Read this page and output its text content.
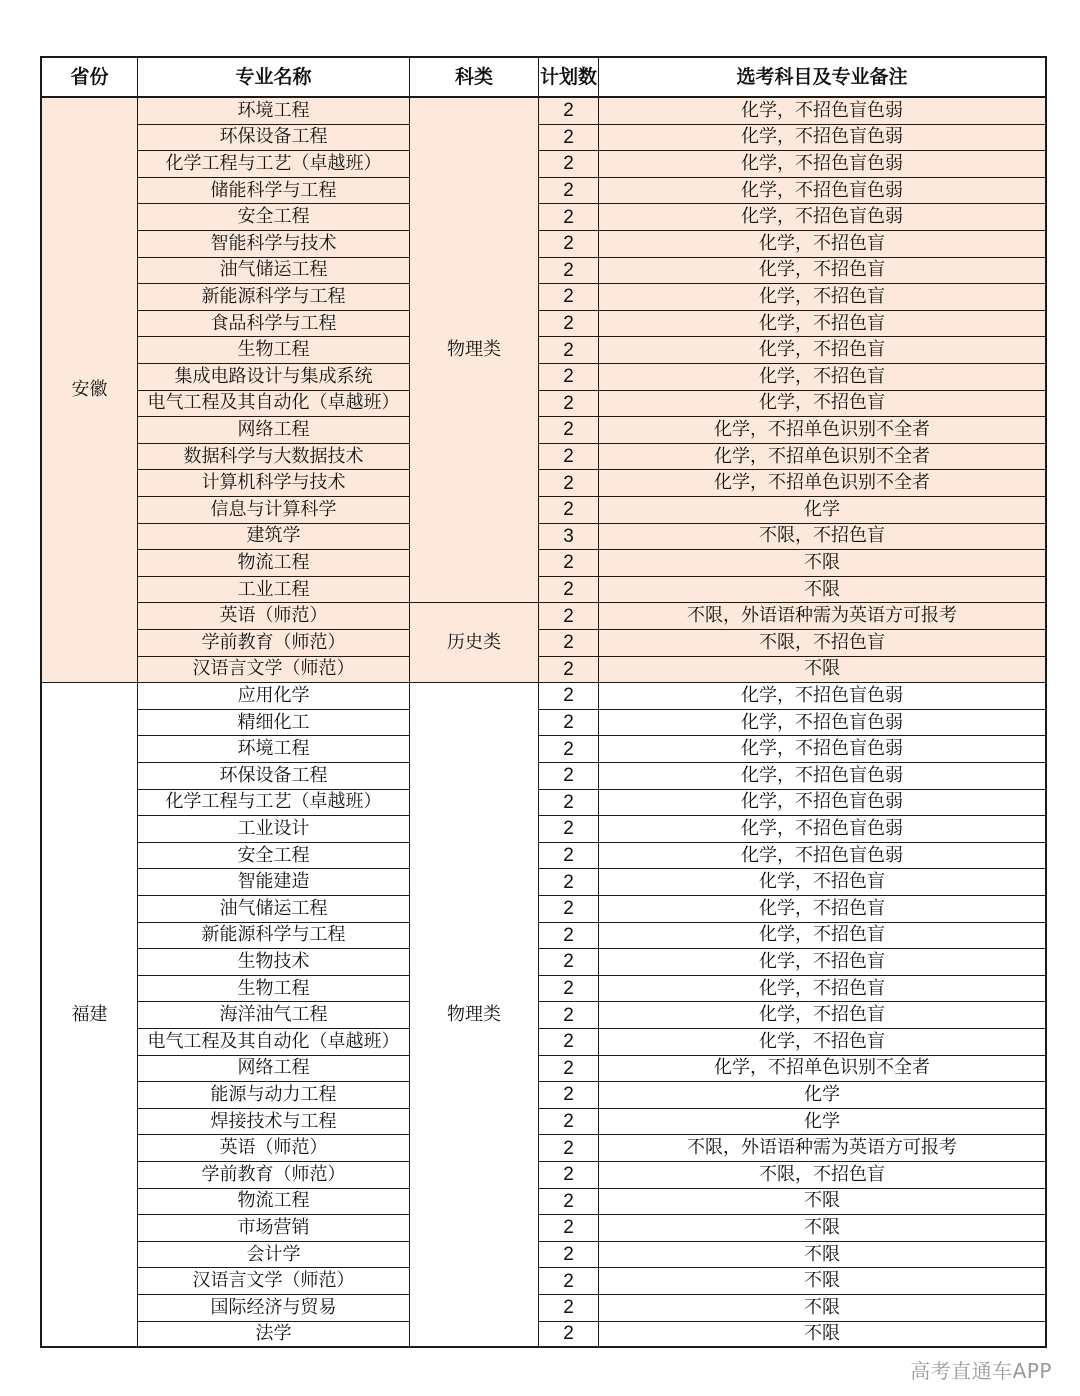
省份	专业名称	科类	计划数	选考科目及专业备注
安徽
物理类
环境工程	2	化学，不招色盲色弱
环保设备工程	2	化学，不招色盲色弱
化学工程与工艺（卓越班）	2	化学，不招色盲色弱
储能科学与工程	2	化学，不招色盲色弱
安全工程	2	化学，不招色盲色弱
智能科学与技术	2	化学，不招色盲
油气储运工程	2	化学，不招色盲
新能源科学与工程	2	化学，不招色盲
食品科学与工程	2	化学，不招色盲
生物工程	2	化学，不招色盲
集成电路设计与集成系统	2	化学，不招色盲
电气工程及其自动化（卓越班）	2	化学，不招色盲
网络工程	2	化学，不招单色识别不全者
数据科学与大数据技术	2	化学，不招单色识别不全者
计算机科学与技术	2	化学，不招单色识别不全者
信息与计算科学	2	化学
建筑学	3	不限，不招色盲
物流工程	2	不限
工业工程	2	不限
历史类
英语（师范）	2	不限，外语语种需为英语方可报考
学前教育（师范）	2	不限，不招色盲
汉语言文学（师范）	2	不限
福建	物理类
应用化学	2	化学，不招色盲色弱
精细化工	2	化学，不招色盲色弱
环境工程	2	化学，不招色盲色弱
环保设备工程	2	化学，不招色盲色弱
化学工程与工艺（卓越班）	2	化学，不招色盲色弱
工业设计	2	化学，不招色盲色弱
安全工程	2	化学，不招色盲色弱
智能建造	2	化学，不招色盲
油气储运工程	2	化学，不招色盲
新能源科学与工程	2	化学，不招色盲
生物技术	2	化学，不招色盲
生物工程	2	化学，不招色盲
海洋油气工程	2	化学，不招色盲
电气工程及其自动化（卓越班）	2	化学，不招色盲
网络工程	2	化学，不招单色识别不全者
能源与动力工程	2	化学
焊接技术与工程	2	化学
英语（师范）	2	不限，外语语种需为英语方可报考
学前教育（师范）	2	不限，不招色盲
物流工程	2	不限
市场营销	2	不限
会计学	2	不限
汉语言文学（师范）	2	不限
国际经济与贸易	2	不限
法学	2	不限
高考直通车APP
